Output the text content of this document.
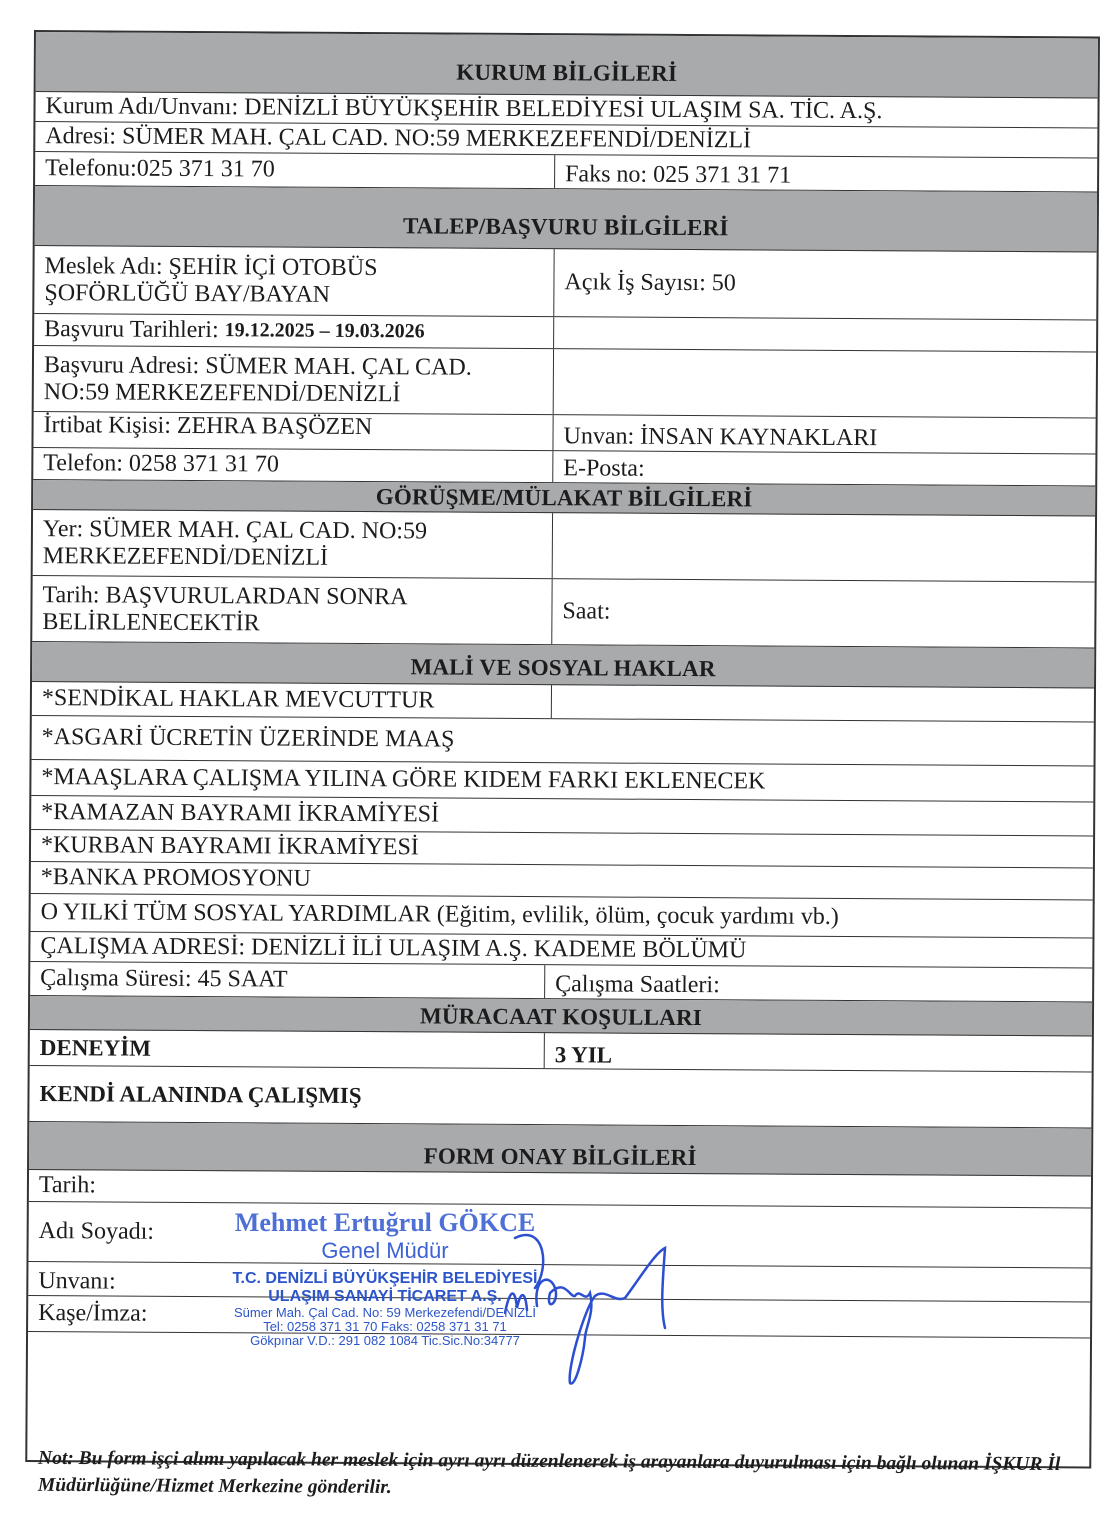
KURUM BİLGİLERİ
Kurum Adı/Unvanı: DENİZLİ BÜYÜKŞEHİR BELEDİYESİ ULAŞIM SA. TİC. A.Ş.
Adresi: SÜMER MAH. ÇAL CAD. NO:59 MERKEZEFENDİ/DENİZLİ
Telefonu:025 371 31 70	Faks no: 025 371 31 71
TALEP/BAŞVURU BİLGİLERİ
Meslek Adı: ŞEHİR İÇİ OTOBÜS
ŞOFÖRLÜĞÜ BAY/BAYAN	Açık İş Sayısı: 50
Başvuru Tarihleri: 19.12.2025 – 19.03.2026
Başvuru Adresi: SÜMER MAH. ÇAL CAD.
NO:59 MERKEZEFENDİ/DENİZLİ
İrtibat Kişisi: ZEHRA BAŞÖZEN	Unvan: İNSAN KAYNAKLARI
Telefon: 0258 371 31 70	E-Posta:
GÖRÜŞME/MÜLAKAT BİLGİLERİ
Yer: SÜMER MAH. ÇAL CAD. NO:59
MERKEZEFENDİ/DENİZLİ
Tarih: BAŞVURULARDAN SONRA
BELİRLENECEKTİR	Saat:
MALİ VE SOSYAL HAKLAR
*SENDİKAL HAKLAR MEVCUTTUR
*ASGARİ ÜCRETİN ÜZERİNDE MAAŞ
*MAAŞLARA ÇALIŞMA YILINA GÖRE KIDEM FARKI EKLENECEK
*RAMAZAN BAYRAMI İKRAMİYESİ
*KURBAN BAYRAMI İKRAMİYESİ
*BANKA PROMOSYONU
O YILKİ TÜM SOSYAL YARDIMLAR (Eğitim, evlilik, ölüm, çocuk yardımı vb.)
ÇALIŞMA ADRESİ: DENİZLİ İLİ ULAŞIM A.Ş. KADEME BÖLÜMÜ
Çalışma Süresi: 45 SAAT	Çalışma Saatleri:
MÜRACAAT KOŞULLARI
DENEYİM	3 YIL
KENDİ ALANINDA ÇALIŞMIŞ
FORM ONAY BİLGİLERİ
Tarih:
Adı Soyadı:
Unvanı:
Kaşe/İmza:
Mehmet Ertuğrul GÖKCE
Genel Müdür
T.C. DENİZLİ BÜYÜKŞEHİR BELEDİYESİ
ULAŞIM SANAYİ TİCARET A.Ş.
Sümer Mah. Çal Cad. No: 59 Merkezefendi/DENİZLİ
Tel: 0258 371 31 70 Faks: 0258 371 31 71
Gökpınar V.D.: 291 082 1084 Tic.Sic.No:34777
Not: Bu form işçi alımı yapılacak her meslek için ayrı ayrı düzenlenerek iş arayanlara duyurulması için bağlı olunan İŞKUR İl Müdürlüğüne/Hizmet Merkezine gönderilir.
